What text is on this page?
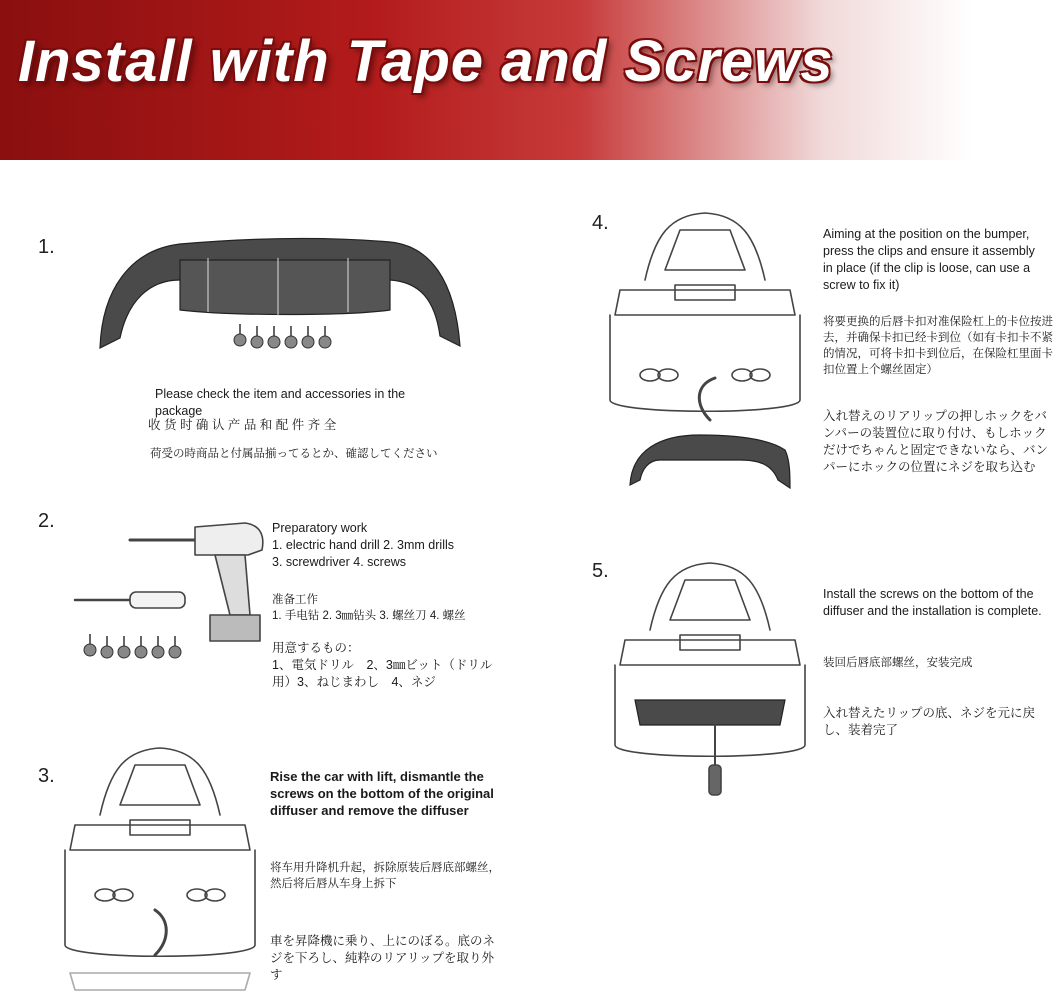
Install with Tape and Screws
1.
Please check the item and accessories in the package
收 货 时 确 认 产 品 和 配 件 齐 全
荷受の時商品と付属品揃ってるとか、確認してください
2.	Preparatory work
1. electric hand drill 2. 3mm drills
3. screwdriver 4. screws
准备工作
1. 手电钻 2. 3㎜钻头 3. 螺丝刀 4. 螺丝
用意するもの：
1、電気ドリル　2、3㎜ビット（ドリル用）3、ねじまわし　4、ネジ
3.	Rise the car with lift, dismantle the
screws on the bottom of the original
diffuser and remove the diffuser
将车用升降机升起，拆除原装后唇底部螺丝，然后将后唇从车身上拆下
車を昇降機に乗り、上にのぼる。底のネジを下ろし、純粋のリアリップを取り外す
4.	Aiming at the position on the bumper,
press the clips and ensure it assembly
in place (if the clip is loose, can use a
screw to fix it)
将要更换的后唇卡扣对准保险杠上的卡位按进去，并确保卡扣已经卡到位（如有卡扣卡不紧的情况，可将卡扣卡到位后，在保险杠里面卡扣位置上个螺丝固定）
入れ替えのリアリップの押しホックをバンパーの装置位に取り付け、もしホックだけでちゃんと固定できないなら、バンパーにホックの位置にネジを取ち込む
5.
Install the screws on the bottom of the
diffuser and the installation is complete.
装回后唇底部螺丝，安装完成
入れ替えたリップの底、ネジを元に戻し、装着完了
